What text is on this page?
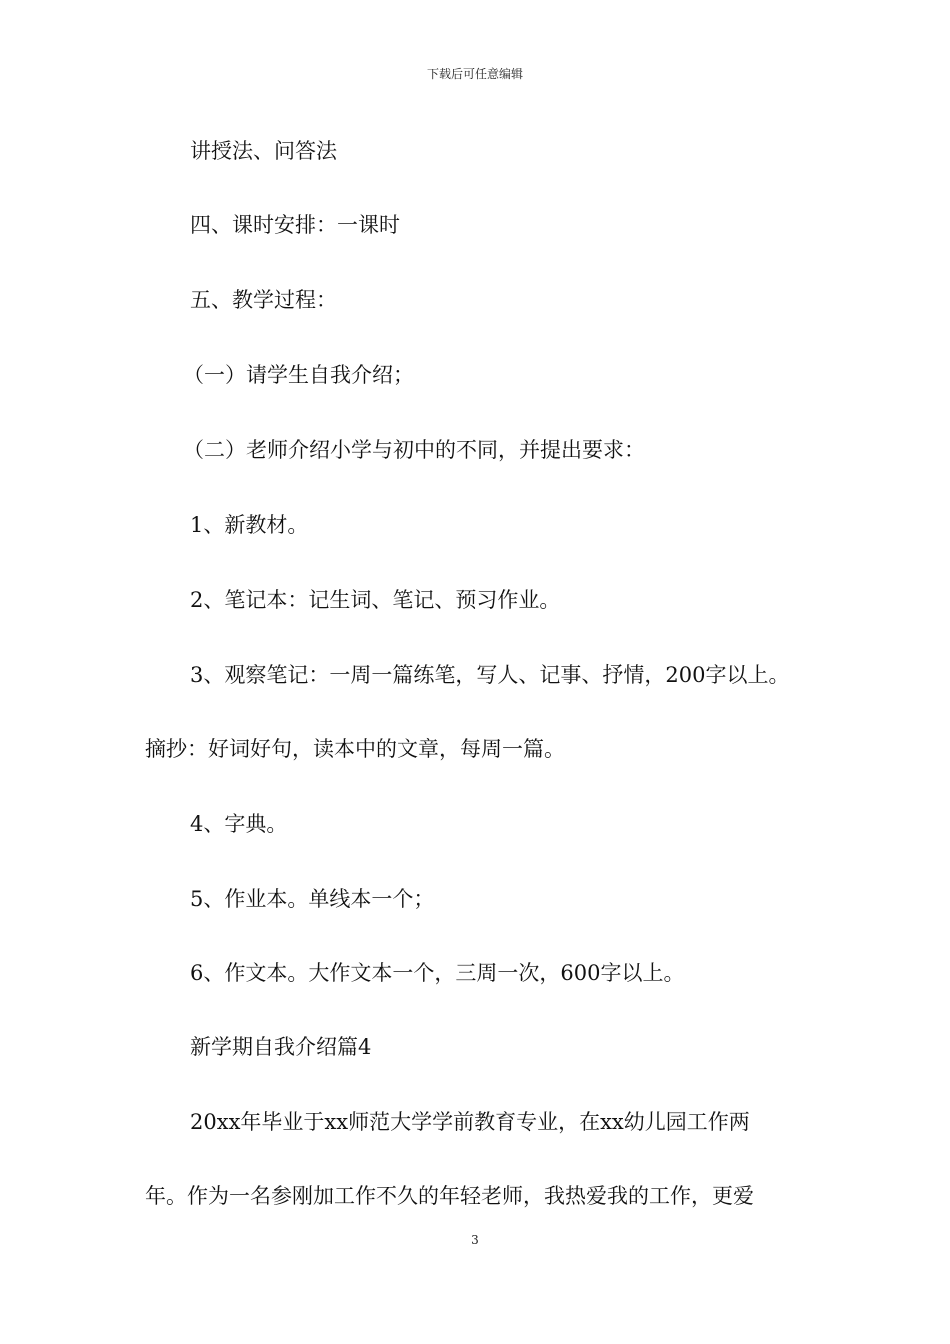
下载后可任意编辑
讲授法、问答法
四、课时安排：一课时
五、教学过程：
（一）请学生自我介绍；
（二）老师介绍小学与初中的不同，并提出要求：
1、新教材。
2、笔记本：记生词、笔记、预习作业。
3、观察笔记：一周一篇练笔，写人、记事、抒情，200字以上。
摘抄：好词好句，读本中的文章，每周一篇。
4、字典。
5、作业本。单线本一个；
6、作文本。大作文本一个，三周一次，600字以上。
新学期自我介绍篇4
20xx年毕业于xx师范大学学前教育专业，在xx幼儿园工作两
年。作为一名参刚加工作不久的年轻老师，我热爱我的工作，更爱
3
